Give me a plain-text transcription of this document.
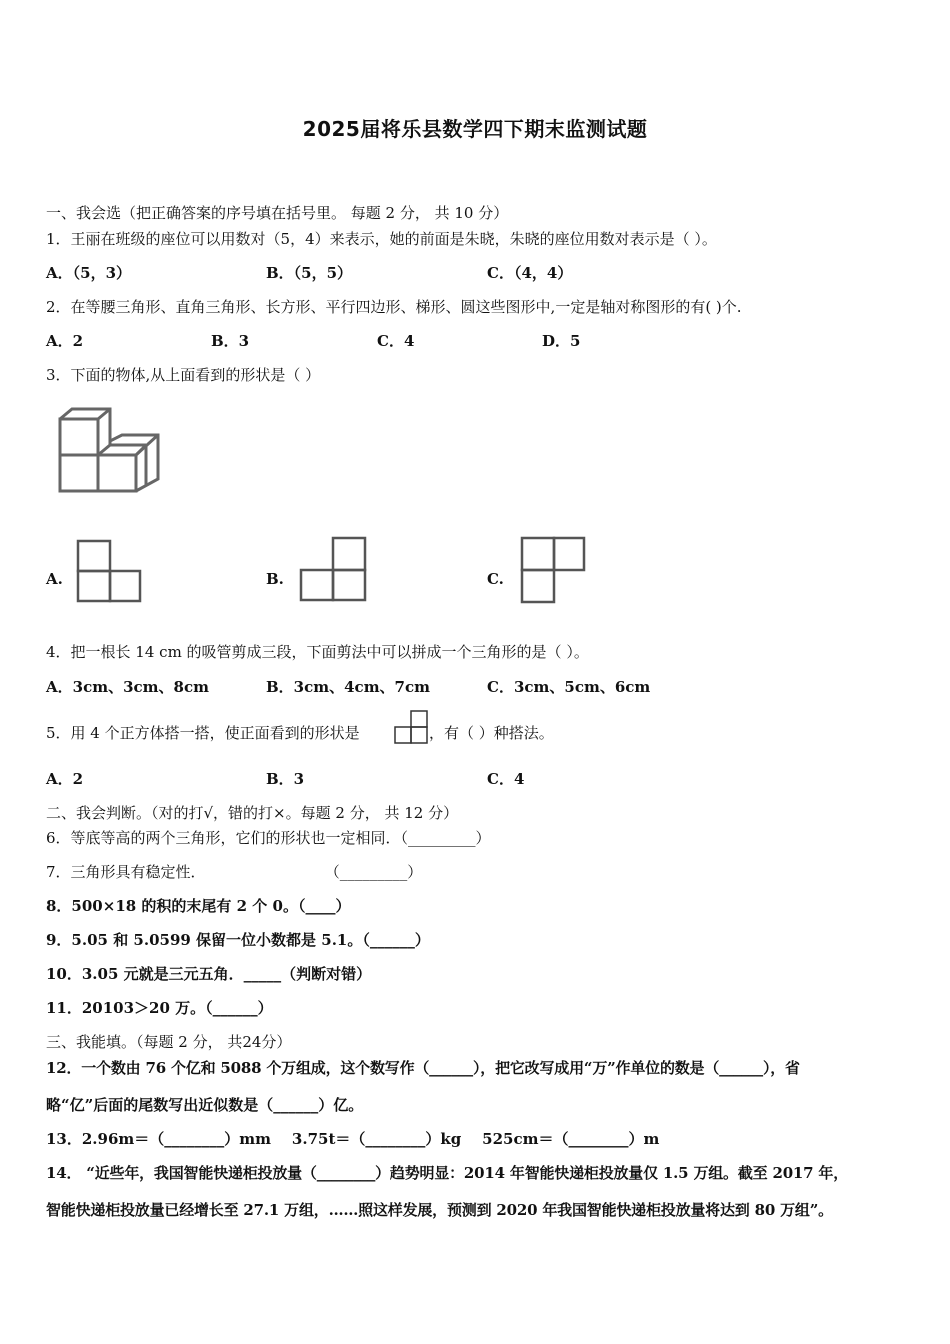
2025届将乐县数学四下期末监测试题
一、我会选（把正确答案的序号填在括号里。 每题 2 分， 共 10 分）
1．王丽在班级的座位可以用数对（5，4）来表示，她的前面是朱晓，朱晓的座位用数对表示是（ ）。
A．（5，3）	B．（5，5）	C．（4，4）
2．在等腰三角形、直角三角形、长方形、平行四边形、梯形、圆这些图形中,一定是轴对称图形的有( )个.
A．2	B．3	C．4	D．5
3．下面的物体,从上面看到的形状是（ ）
A.	B.	C.
4．把一根长 14 cm 的吸管剪成三段，下面剪法中可以拼成一个三角形的是（ ）。
A．3cm、3cm、8cm	B．3cm、4cm、7cm	C．3cm、5cm、6cm
5．用 4 个正方体搭一搭，使正面看到的形状是	，有（ ）种搭法。
A．2	B．3	C．4
二、我会判断。（对的打√，错的打×。每题 2 分， 共 12 分）
6．等底等高的两个三角形，它们的形状也一定相同．（_________）
7．三角形具有稳定性．                         （_________）
8．500×18 的积的末尾有 2 个 0。（____）
9．5.05 和 5.0599 保留一位小数都是 5.1。（______）
10．3.05 元就是三元五角．_____（判断对错）
11．20103＞20 万。（______）
三、我能填。（每题 2 分， 共24分）
12．一个数由 76 个亿和 5088 个万组成，这个数写作（______），把它改写成用“万”作单位的数是（______），省
略“亿”后面的尾数写出近似数是（______）亿。
13．2.96m＝（________）mm    3.75t＝（________）kg    525cm＝（________）m
14． “近些年，我国智能快递柜投放量（________）趋势明显：2014 年智能快递柜投放量仅 1.5 万组。截至 2017 年，
智能快递柜投放量已经增长至 27.1 万组，……照这样发展，预测到 2020 年我国智能快递柜投放量将达到 80 万组”。
